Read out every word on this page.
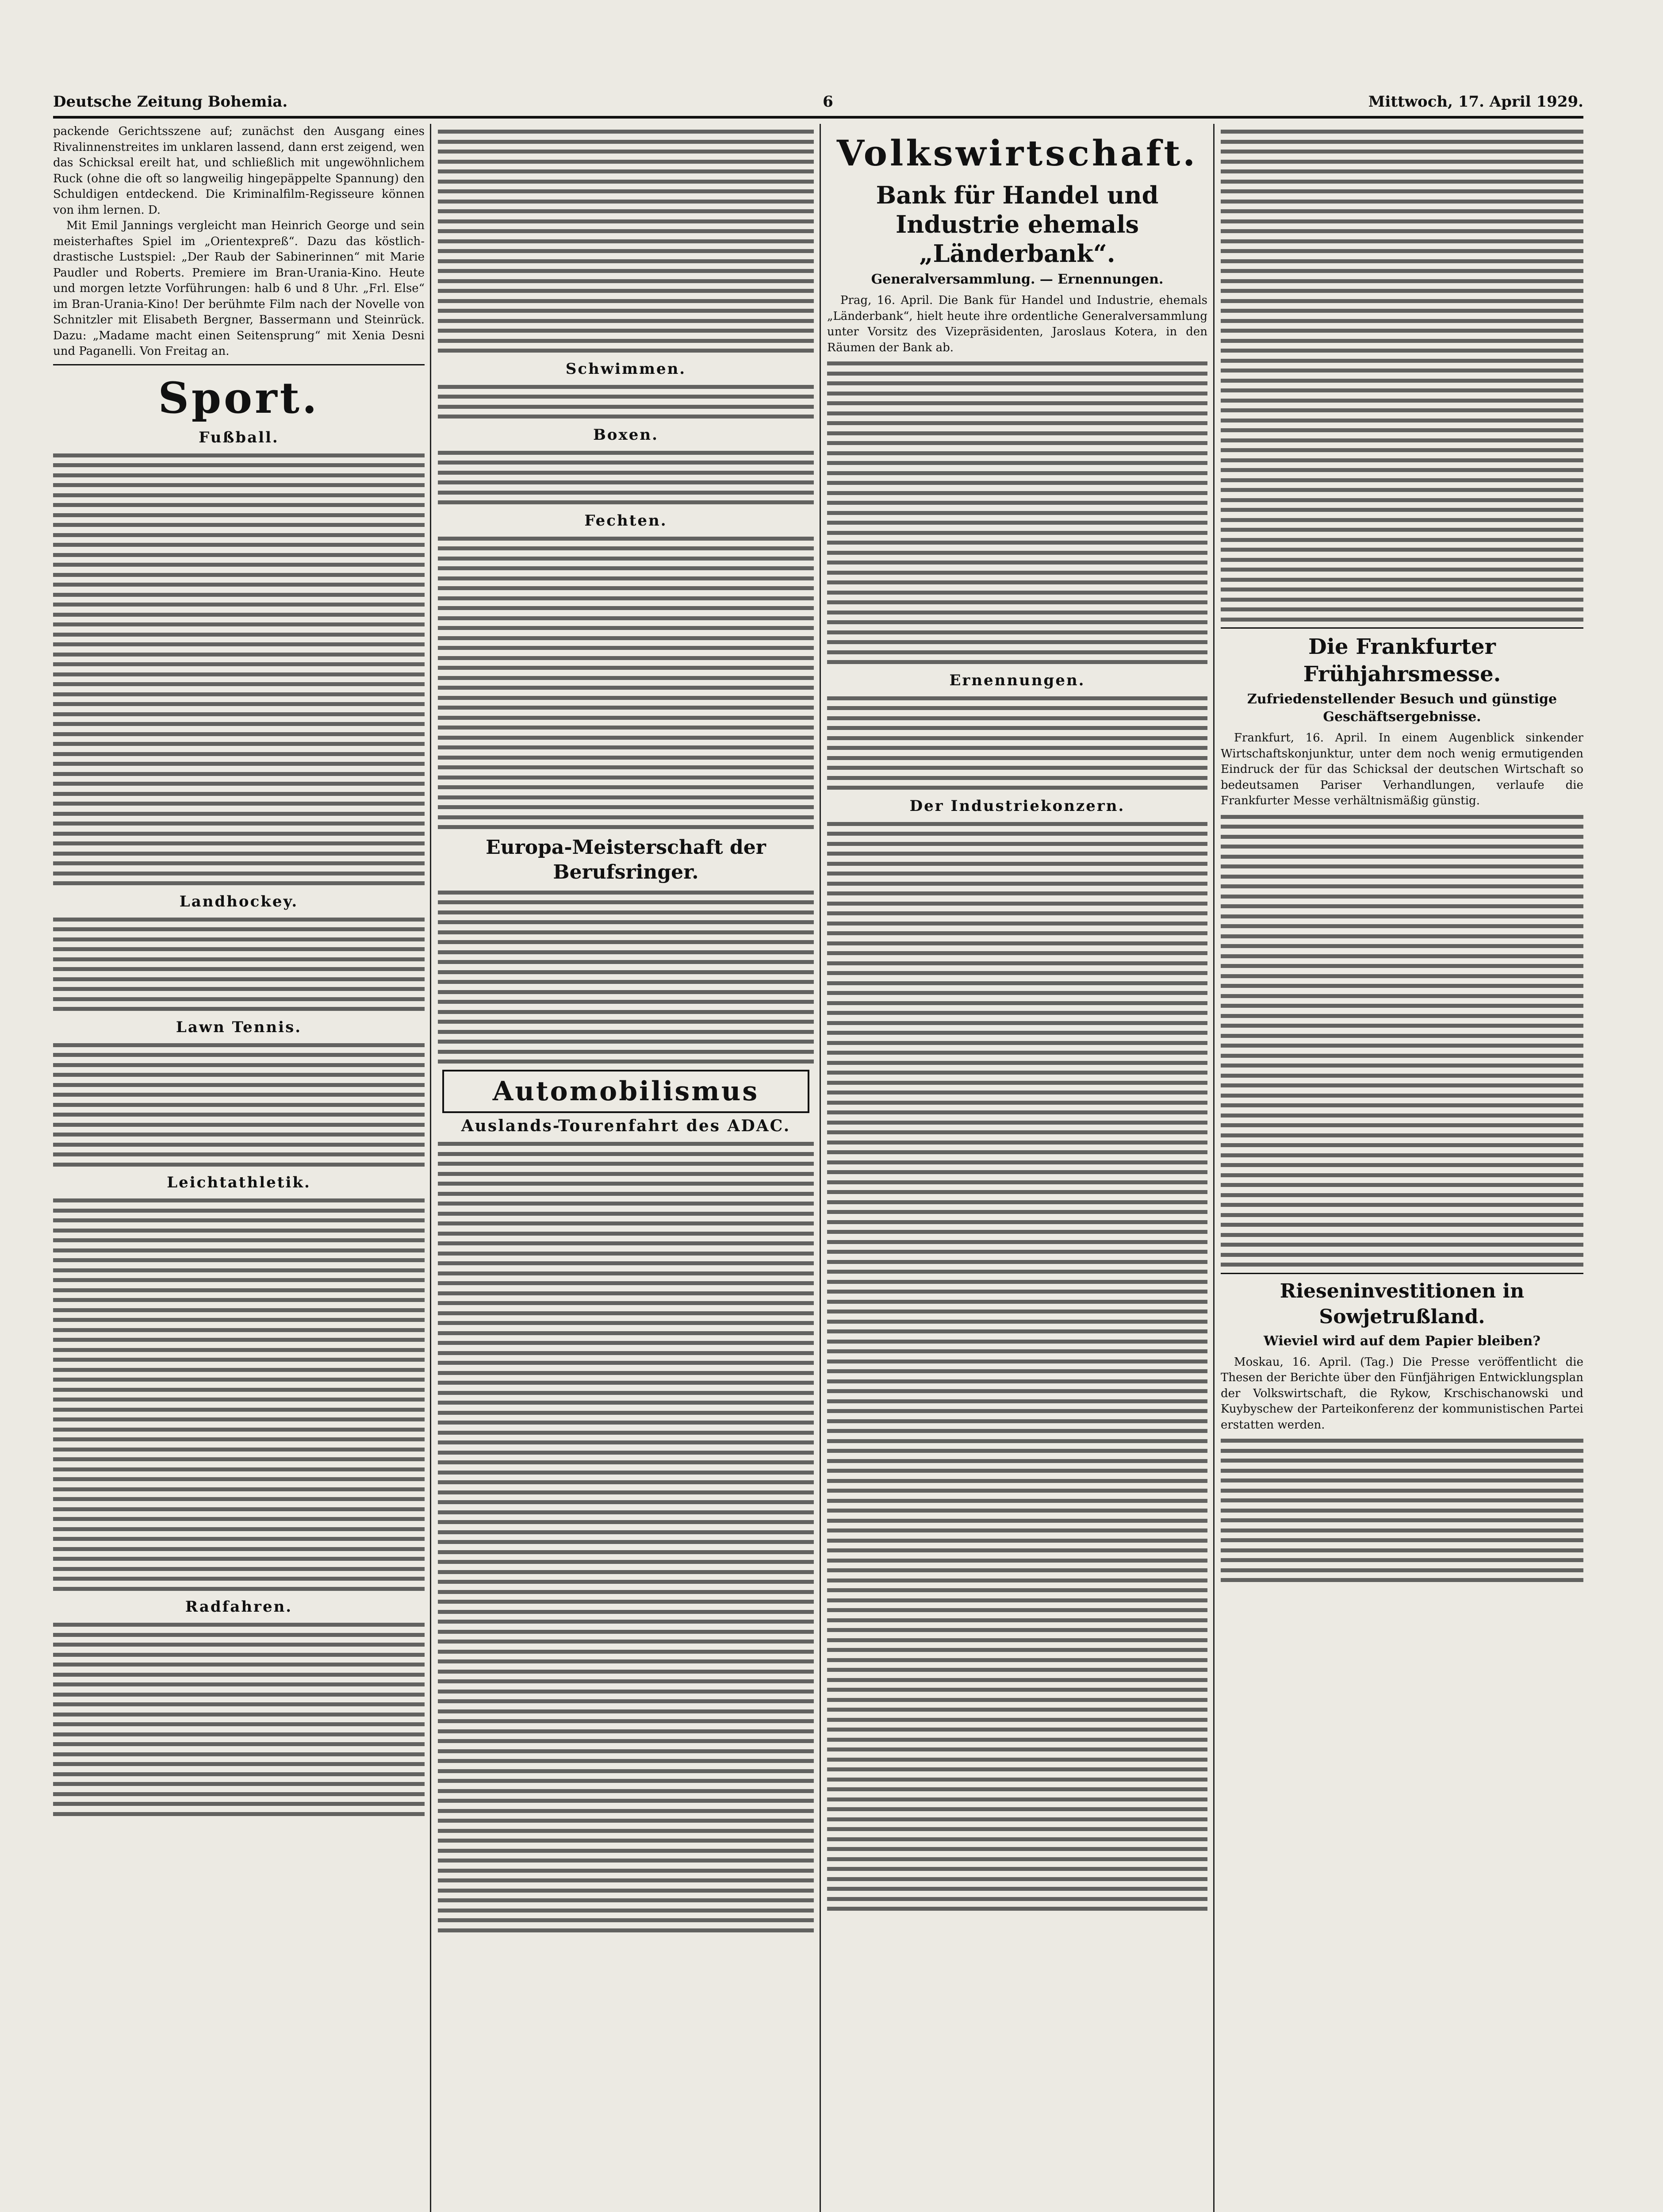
Deutsche Zeitung Bohemia.	6	Mittwoch, 17. April 1929.

packende Gerichtsszene auf; zunächst den Ausgang eines Rivalinnenstreites im unklaren lassend, dann erst zeigend, wen das Schicksal ereilt hat, und schließlich mit ungewöhnlichem Ruck (ohne die oft so langweilig hingepäppelte Spannung) den Schuldigen entdeckend. Die Kriminalfilm-Regisseure können von ihm lernen. D.

Mit Emil Jannings vergleicht man Heinrich George und sein meisterhaftes Spiel im „Orientexpreß“. Dazu das köstlich-drastische Lustspiel: „Der Raub der Sabinerinnen“ mit Marie Paudler und Roberts. Premiere im Bran-Urania-Kino. Heute und morgen letzte Vorführungen: halb 6 und 8 Uhr. „Frl. Else“ im Bran-Urania-Kino! Der berühmte Film nach der Novelle von Schnitzler mit Elisabeth Bergner, Bassermann und Steinrück. Dazu: „Madame macht einen Seitensprung“ mit Xenia Desni und Paganelli. Von Freitag an.

Sport.
Fußball.
Landhockey.
Lawn Tennis.
Leichtathletik.
Radfahren.
Schwimmen.
Boxen.
Fechten.
Europa-Meisterschaft der Berufsringer.
Automobilismus
Auslands-Tourenfahrt des ADAC.
Volkswirtschaft.
Bank für Handel und Industrie ehemals „Länderbank“.
Generalversammlung. — Ernennungen.

Prag, 16. April. Die Bank für Handel und Industrie, ehemals „Länderbank“, hielt heute ihre ordentliche Generalversammlung unter Vorsitz des Vizepräsidenten, Jaroslaus Kotera, in den Räumen der Bank ab.

Ernennungen.
Der Industriekonzern.
Die Frankfurter Frühjahrsmesse.
Zufriedenstellender Besuch und günstige Geschäftsergebnisse.

Frankfurt, 16. April. In einem Augenblick sinkender Wirtschaftskonjunktur, unter dem noch wenig ermutigenden Eindruck der für das Schicksal der deutschen Wirtschaft so bedeutsamen Pariser Verhandlungen, verlaufe die Frankfurter Messe verhältnismäßig günstig.

Rieseninvestitionen in Sowjetrußland.
Wieviel wird auf dem Papier bleiben?

Moskau, 16. April. (Tag.) Die Presse veröffentlicht die Thesen der Berichte über den Fünfjährigen Entwicklungsplan der Volkswirtschaft, die Rykow, Krschischanowski und Kuybyschew der Parteikonferenz der kommunistischen Partei erstatten werden.
